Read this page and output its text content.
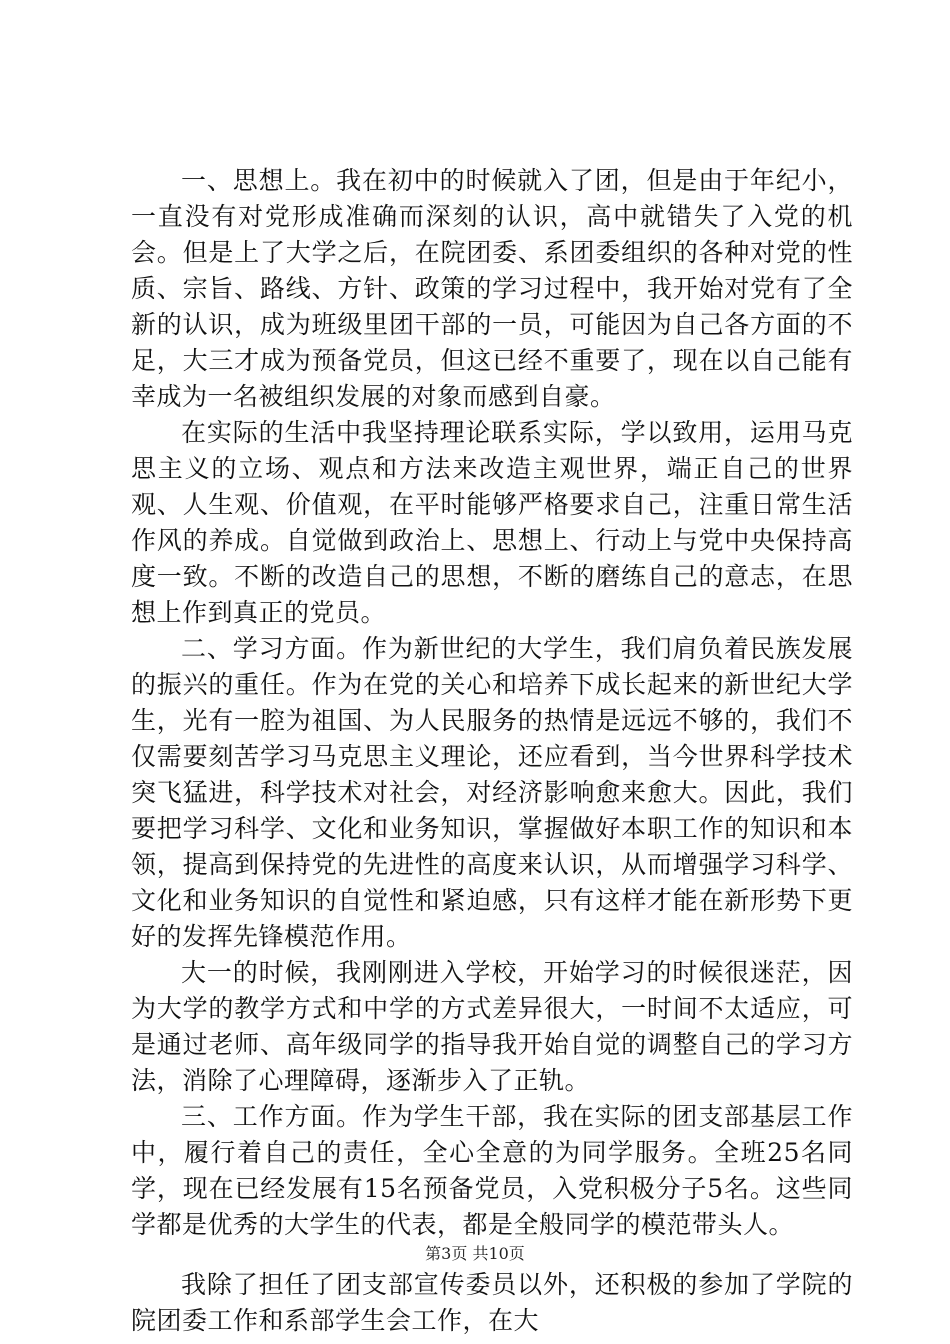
一、思想上。我在初中的时候就入了团，但是由于年纪小，一直没有对党形成准确而深刻的认识，高中就错失了入党的机会。但是上了大学之后，在院团委、系团委组织的各种对党的性质、宗旨、路线、方针、政策的学习过程中，我开始对党有了全新的认识，成为班级里团干部的一员，可能因为自己各方面的不足，大三才成为预备党员，但这已经不重要了，现在以自己能有幸成为一名被组织发展的对象而感到自豪。

在实际的生活中我坚持理论联系实际，学以致用，运用马克思主义的立场、观点和方法来改造主观世界，端正自己的世界观、人生观、价值观，在平时能够严格要求自己，注重日常生活作风的养成。自觉做到政治上、思想上、行动上与党中央保持高度一致。不断的改造自己的思想，不断的磨练自己的意志，在思想上作到真正的党员。

二、学习方面。作为新世纪的大学生，我们肩负着民族发展的振兴的重任。作为在党的关心和培养下成长起来的新世纪大学生，光有一腔为祖国、为人民服务的热情是远远不够的，我们不仅需要刻苦学习马克思主义理论，还应看到，当今世界科学技术突飞猛进，科学技术对社会，对经济影响愈来愈大。因此，我们要把学习科学、文化和业务知识，掌握做好本职工作的知识和本领，提高到保持党的先进性的高度来认识，从而增强学习科学、文化和业务知识的自觉性和紧迫感，只有这样才能在新形势下更好的发挥先锋模范作用。

大一的时候，我刚刚进入学校，开始学习的时候很迷茫，因为大学的教学方式和中学的方式差异很大，一时间不太适应，可是通过老师、高年级同学的指导我开始自觉的调整自己的学习方法，消除了心理障碍，逐渐步入了正轨。

三、工作方面。作为学生干部，我在实际的团支部基层工作中，履行着自己的责任，全心全意的为同学服务。全班25名同学，现在已经发展有15名预备党员，入党积极分子5名。这些同学都是优秀的大学生的代表，都是全般同学的模范带头人。

我除了担任了团支部宣传委员以外，还积极的参加了学院的院团委工作和系部学生会工作，在大

第3页 共10页
